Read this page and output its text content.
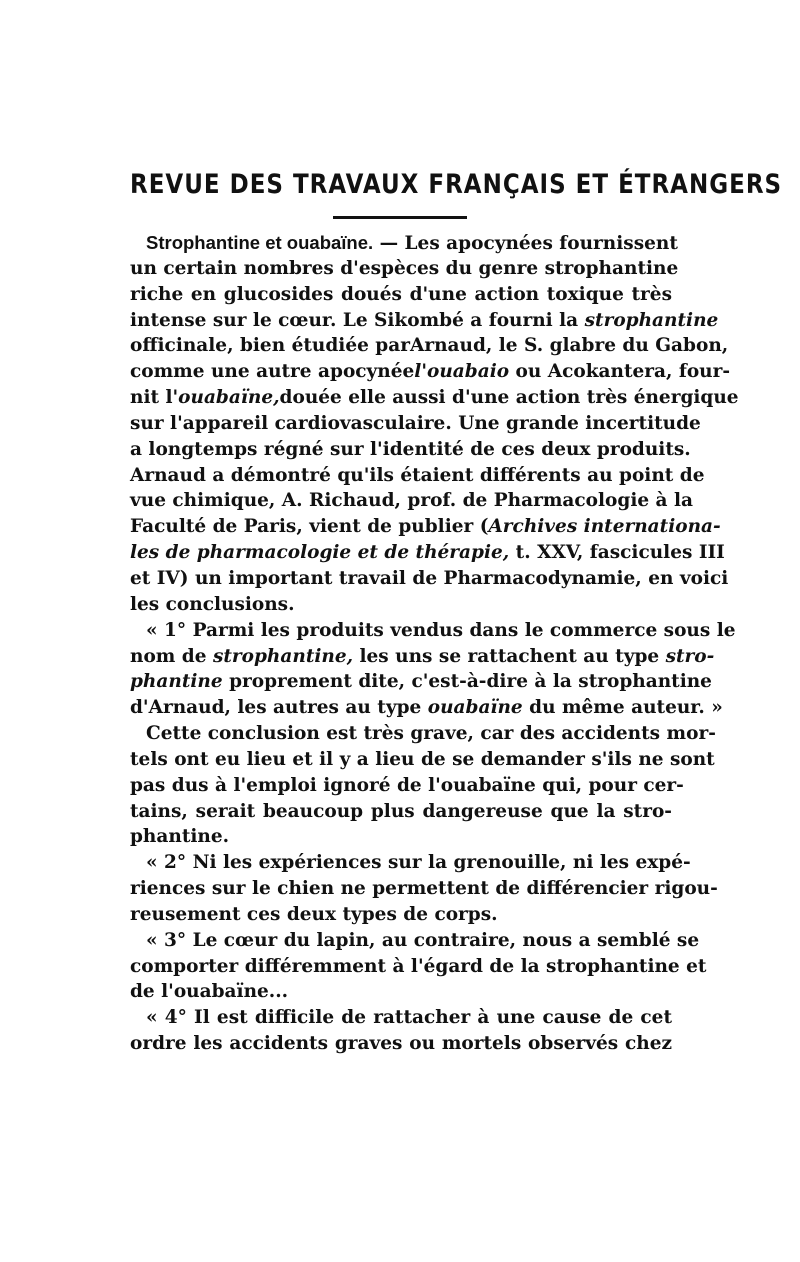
REVUE DES TRAVAUX FRANÇAIS ET ÉTRANGERS
Strophantine et ouabaïne. — Les apocynées fournissent
un certain nombres d'espèces du genre strophantine
riche en glucosides doués d'une action toxique très
intense sur le cœur. Le Sikombé a fourni la strophantine
officinale, bien étudiée parArnaud, le S. glabre du Gabon,
comme une autre apocynéel'ouabaio ou Acokantera, four-
nit l'ouabaïne,douée elle aussi d'une action très énergique
sur l'appareil cardiovasculaire. Une grande incertitude
a longtemps régné sur l'identité de ces deux produits.
Arnaud a démontré qu'ils étaient différents au point de
vue chimique, A. Richaud, prof. de Pharmacologie à la
Faculté de Paris, vient de publier (Archives internationa-
les de pharmacologie et de thérapie, t. XXV, fascicules III
et IV) un important travail de Pharmacodynamie, en voici
les conclusions.
« 1° Parmi les produits vendus dans le commerce sous le
nom de strophantine, les uns se rattachent au type stro-
phantine proprement dite, c'est-à-dire à la strophantine
d'Arnaud, les autres au type ouabaïne du même auteur. »
Cette conclusion est très grave, car des accidents mor-
tels ont eu lieu et il y a lieu de se demander s'ils ne sont
pas dus à l'emploi ignoré de l'ouabaïne qui, pour cer-
tains, serait beaucoup plus dangereuse que la stro-
phantine.
« 2° Ni les expériences sur la grenouille, ni les expé-
riences sur le chien ne permettent de différencier rigou-
reusement ces deux types de corps.
« 3° Le cœur du lapin, au contraire, nous a semblé se
comporter différemment à l'égard de la strophantine et
de l'ouabaïne...
« 4° Il est difficile de rattacher à une cause de cet
ordre les accidents graves ou mortels observés chez
